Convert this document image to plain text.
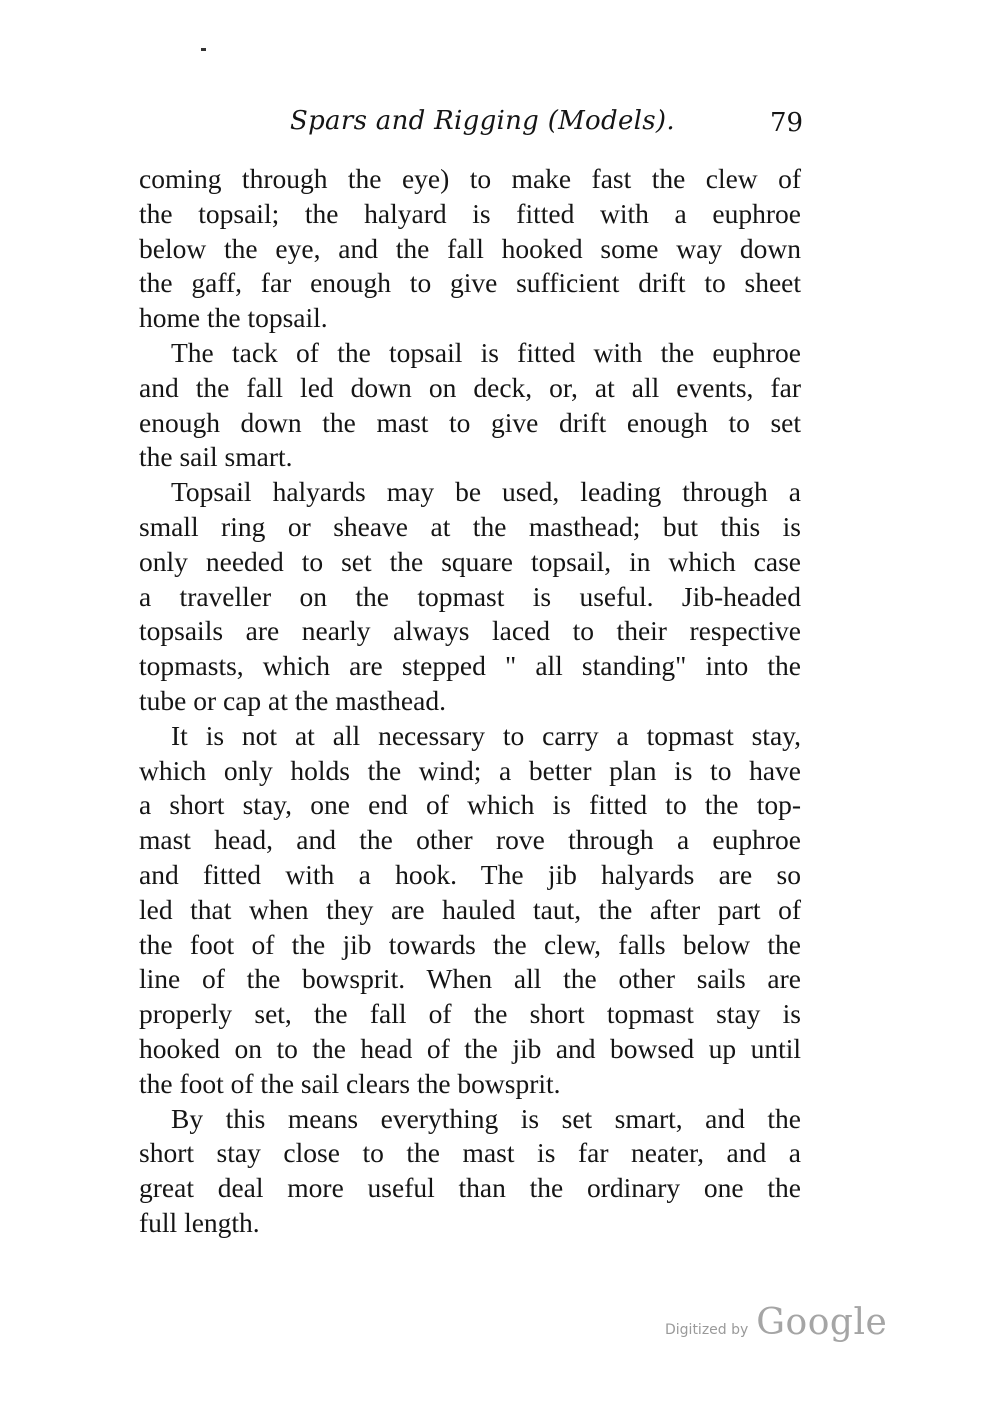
Spars and Rigging (Models).	79
coming through the eye) to make fast the clew of
the topsail; the halyard is fitted with a euphroe
below the eye, and the fall hooked some way down
the gaff, far enough to give sufficient drift to sheet
home the topsail.
The tack of the topsail is fitted with the euphroe
and the fall led down on deck, or, at all events, far
enough down the mast to give drift enough to set
the sail smart.
Topsail halyards may be used, leading through a
small ring or sheave at the masthead; but this is
only needed to set the square topsail, in which case
a traveller on the topmast is useful. Jib-headed
topsails are nearly always laced to their respective
topmasts, which are stepped " all standing" into the
tube or cap at the masthead.
It is not at all necessary to carry a topmast stay,
which only holds the wind; a better plan is to have
a short stay, one end of which is fitted to the top-
mast head, and the other rove through a euphroe
and fitted with a hook. The jib halyards are so
led that when they are hauled taut, the after part of
the foot of the jib towards the clew, falls below the
line of the bowsprit. When all the other sails are
properly set, the fall of the short topmast stay is
hooked on to the head of the jib and bowsed up until
the foot of the sail clears the bowsprit.
By this means everything is set smart, and the
short stay close to the mast is far neater, and a
great deal more useful than the ordinary one the
full length.
Digitized by Google
